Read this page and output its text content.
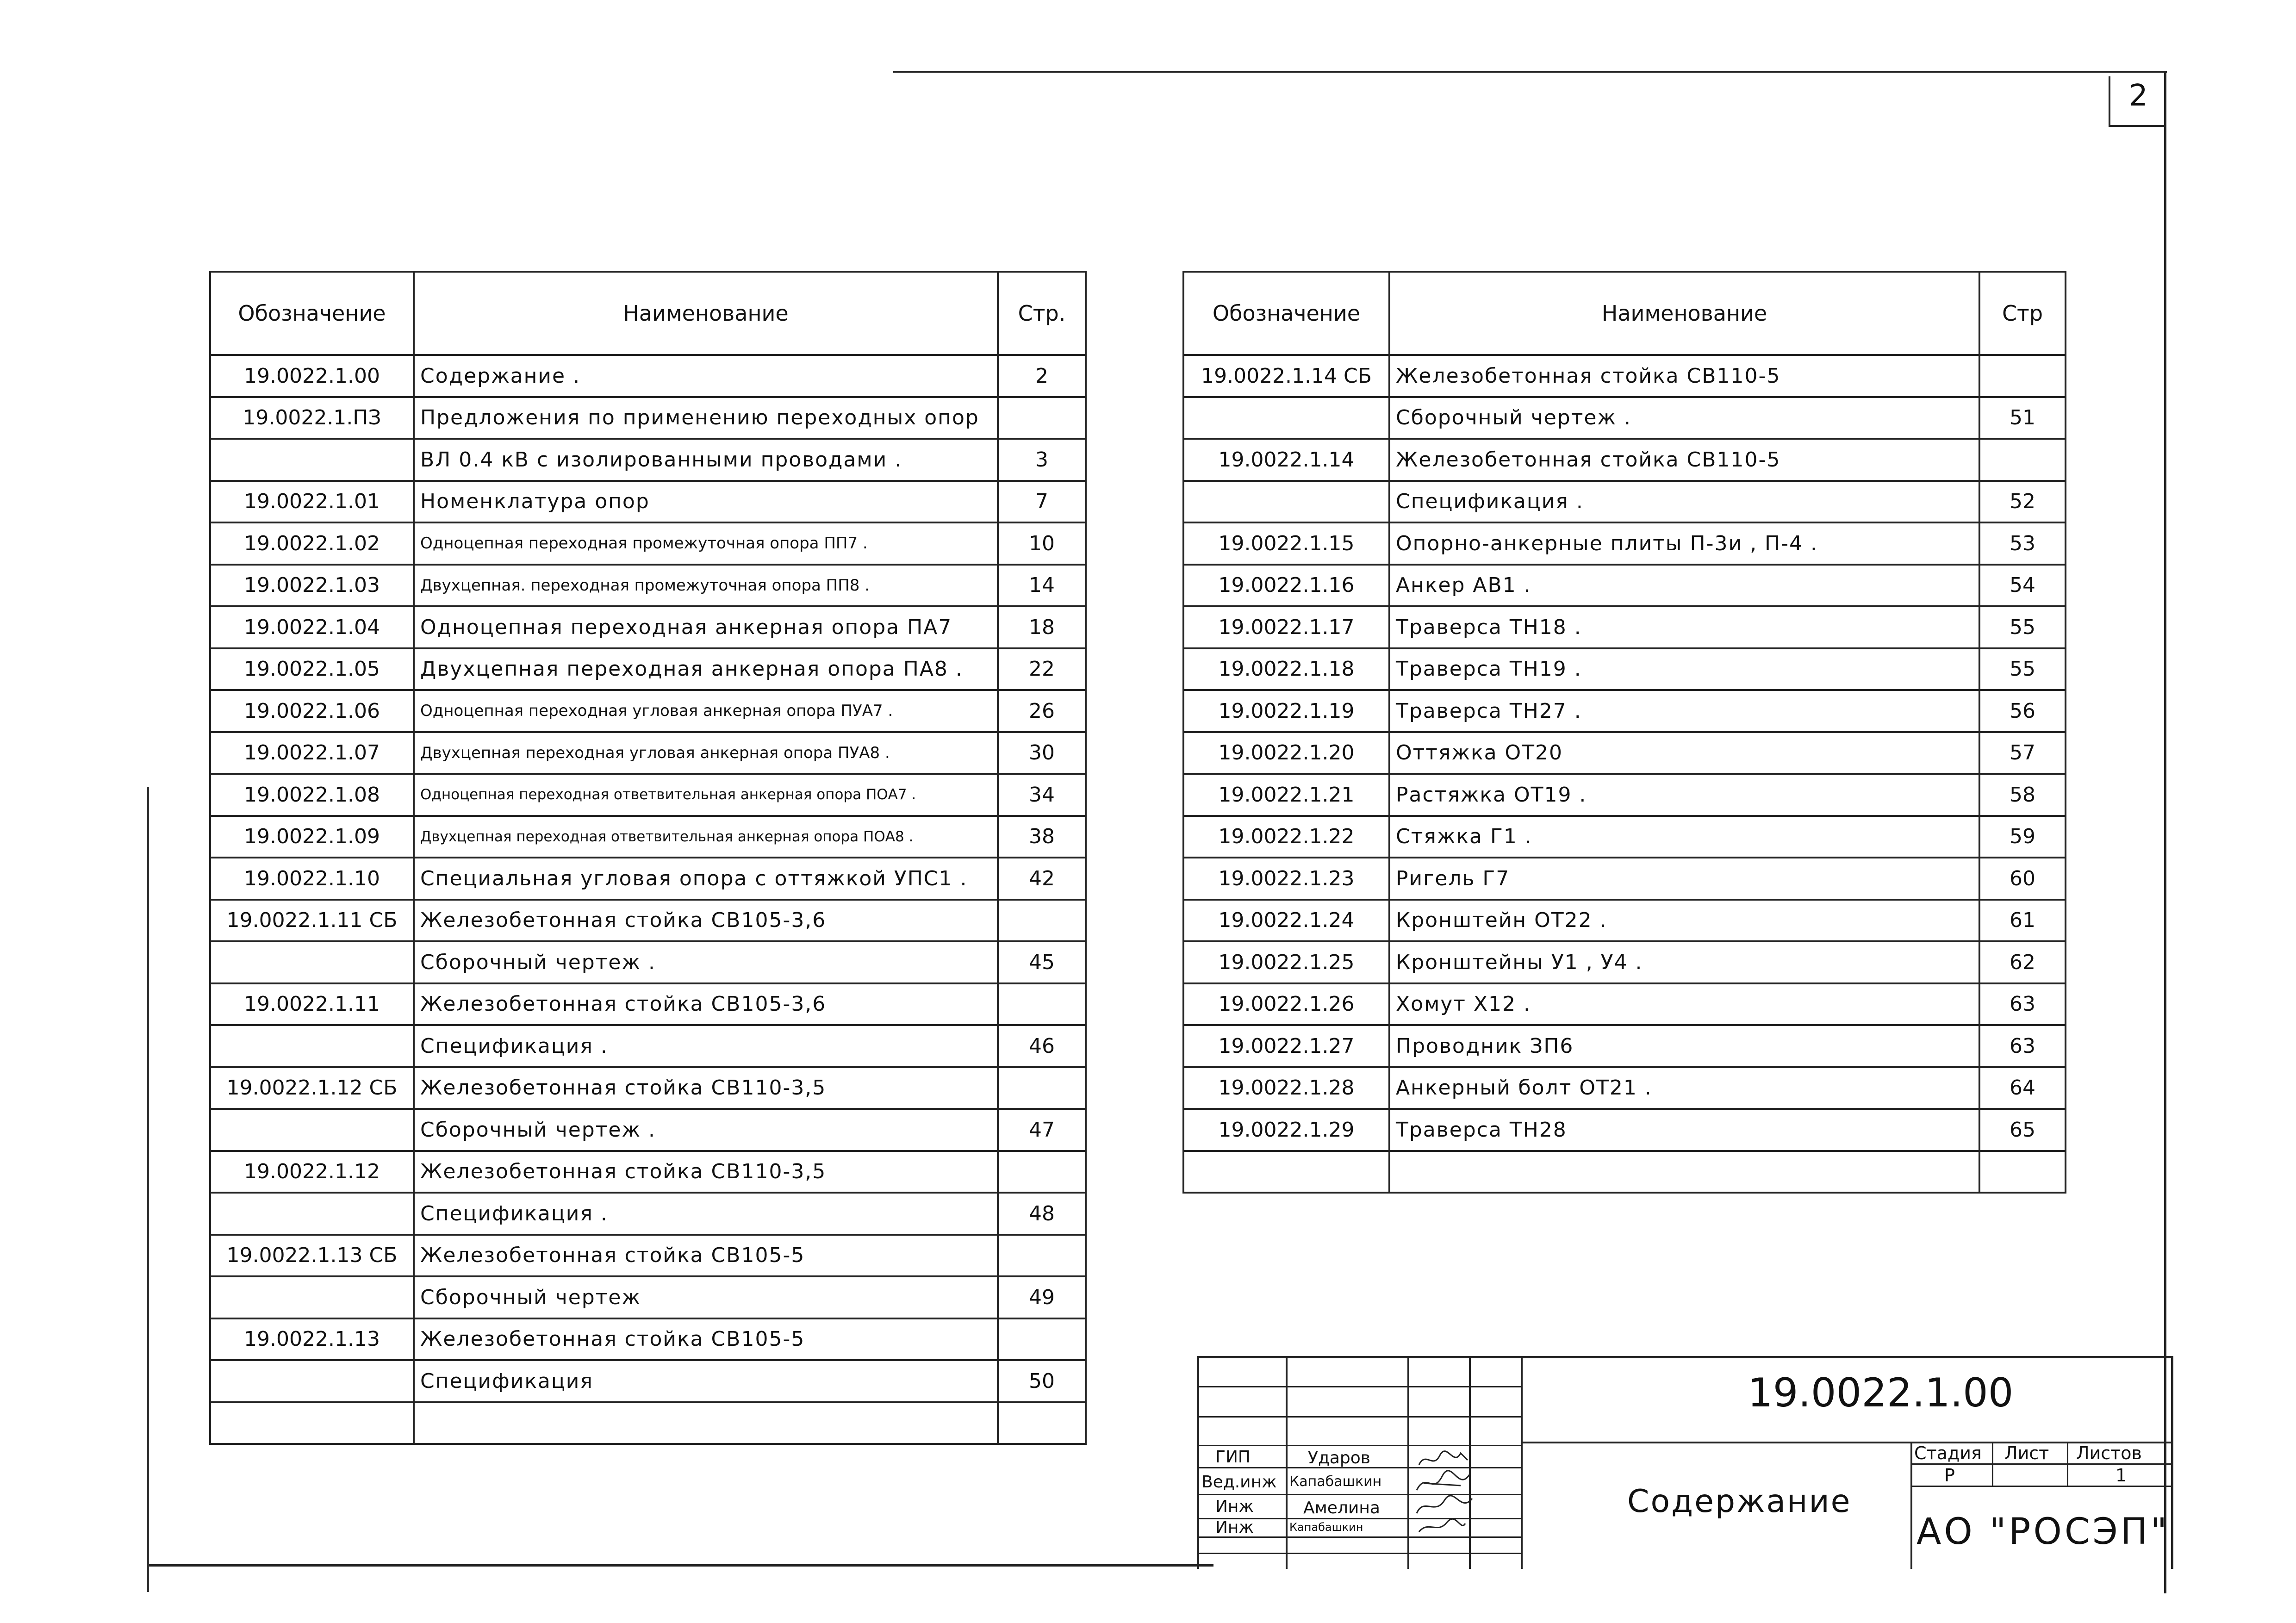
2
Обозначение	Наименование	Стр.
19.0022.1.00	Содержание .	2
19.0022.1.ПЗ	Предложения по применению переходных опор	
	ВЛ 0.4 кВ с изолированными проводами .	3
19.0022.1.01	Номенклатура опор	7
19.0022.1.02	Одноцепная переходная промежуточная опора ПП7 .	10
19.0022.1.03	Двухцепная. переходная промежуточная опора ПП8 .	14
19.0022.1.04	Одноцепная переходная анкерная опора ПА7	18
19.0022.1.05	Двухцепная переходная анкерная опора ПА8 .	22
19.0022.1.06	Одноцепная переходная угловая анкерная опора ПУА7 .	26
19.0022.1.07	Двухцепная переходная угловая анкерная опора ПУА8 .	30
19.0022.1.08	Одноцепная переходная ответвительная анкерная опора ПОА7 .	34
19.0022.1.09	Двухцепная переходная ответвительная анкерная опора ПОА8 .	38
19.0022.1.10	Специальная угловая опора с оттяжкой УПС1 .	42
19.0022.1.11 СБ	Железобетонная стойка СВ105-3,6	
	Сборочный чертеж .	45
19.0022.1.11	Железобетонная стойка СВ105-3,6	
	Спецификация .	46
19.0022.1.12 СБ	Железобетонная стойка СВ110-3,5	
	Сборочный чертеж .	47
19.0022.1.12	Железобетонная стойка СВ110-3,5	
	Спецификация .	48
19.0022.1.13 СБ	Железобетонная стойка СВ105-5	
	Сборочный чертеж	49
19.0022.1.13	Железобетонная стойка СВ105-5	
	Спецификация	50

Обозначение	Наименование	Стр
19.0022.1.14 СБ	Железобетонная стойка СВ110-5	
	Сборочный чертеж .	51
19.0022.1.14	Железобетонная стойка СВ110-5	
	Спецификация .	52
19.0022.1.15	Опорно-анкерные плиты П-3и , П-4 .	53
19.0022.1.16	Анкер АВ1 .	54
19.0022.1.17	Траверса ТН18 .	55
19.0022.1.18	Траверса ТН19 .	55
19.0022.1.19	Траверса ТН27 .	56
19.0022.1.20	Оттяжка ОТ20	57
19.0022.1.21	Растяжка ОТ19 .	58
19.0022.1.22	Стяжка Г1 .	59
19.0022.1.23	Ригель Г7	60
19.0022.1.24	Кронштейн ОТ22 .	61
19.0022.1.25	Кронштейны У1 , У4 .	62
19.0022.1.26	Хомут Х12 .	63
19.0022.1.27	Проводник ЗП6	63
19.0022.1.28	Анкерный болт ОТ21 .	64
19.0022.1.29	Траверса ТН28	65

19.0022.1.00
Содержание
Стадия Лист Листов
Р	1
АО "РОСЭП"
ГИП	Ударов
Вед.инж Капабашкин
Инж	Амелина
Инж	Капабашкин
